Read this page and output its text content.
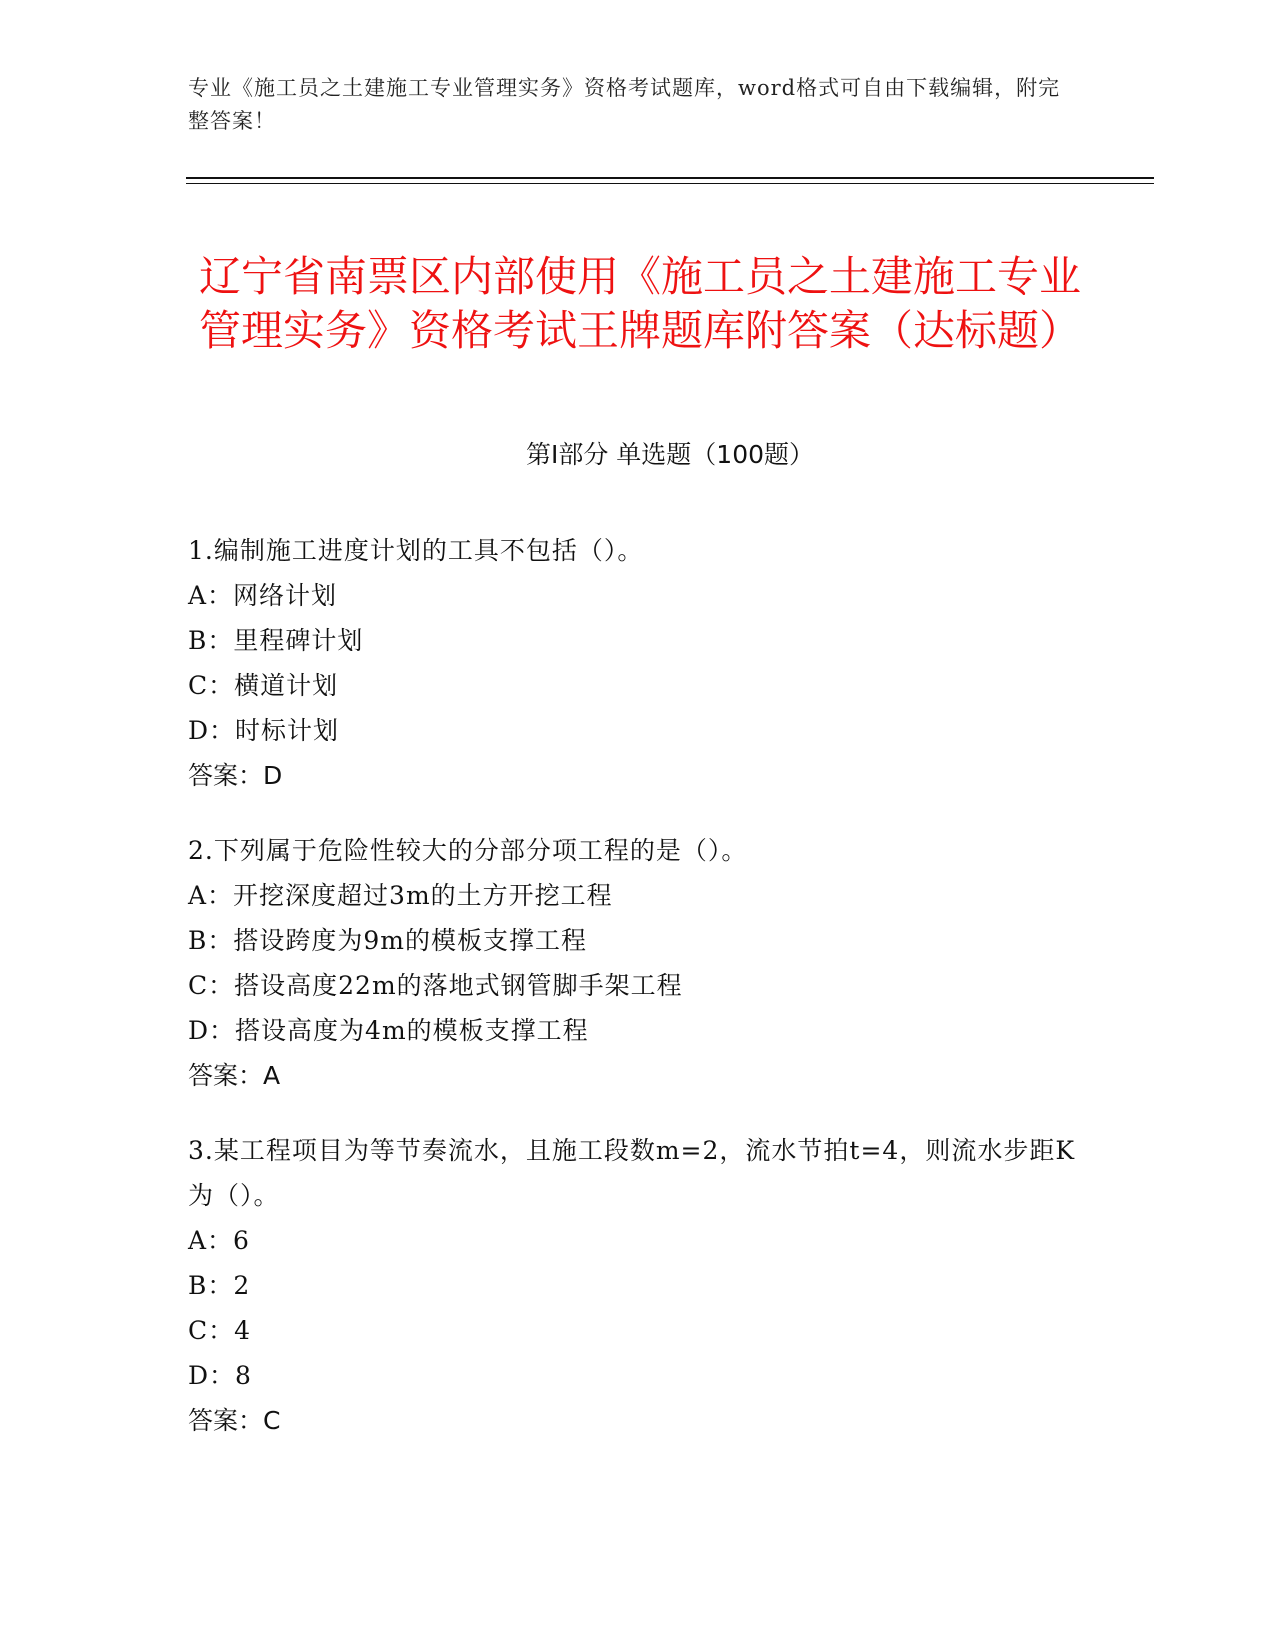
专业《施工员之土建施工专业管理实务》资格考试题库，word格式可自由下载编辑，附完整答案！
辽宁省南票区内部使用《施工员之土建施工专业管理实务》资格考试王牌题库附答案（达标题）
第Ⅰ部分 单选题（100题）

1.编制施工进度计划的工具不包括（）。

A：网络计划

B：里程碑计划

C：横道计划

D：时标计划

答案：D

2.下列属于危险性较大的分部分项工程的是（）。

A：开挖深度超过3m的土方开挖工程

B：搭设跨度为9m的模板支撑工程

C：搭设高度22m的落地式钢管脚手架工程

D：搭设高度为4m的模板支撑工程

答案：A

3.某工程项目为等节奏流水，且施工段数m=2，流水节拍t=4，则流水步距K为（）。

A：6

B：2

C：4

D：8

答案：C
